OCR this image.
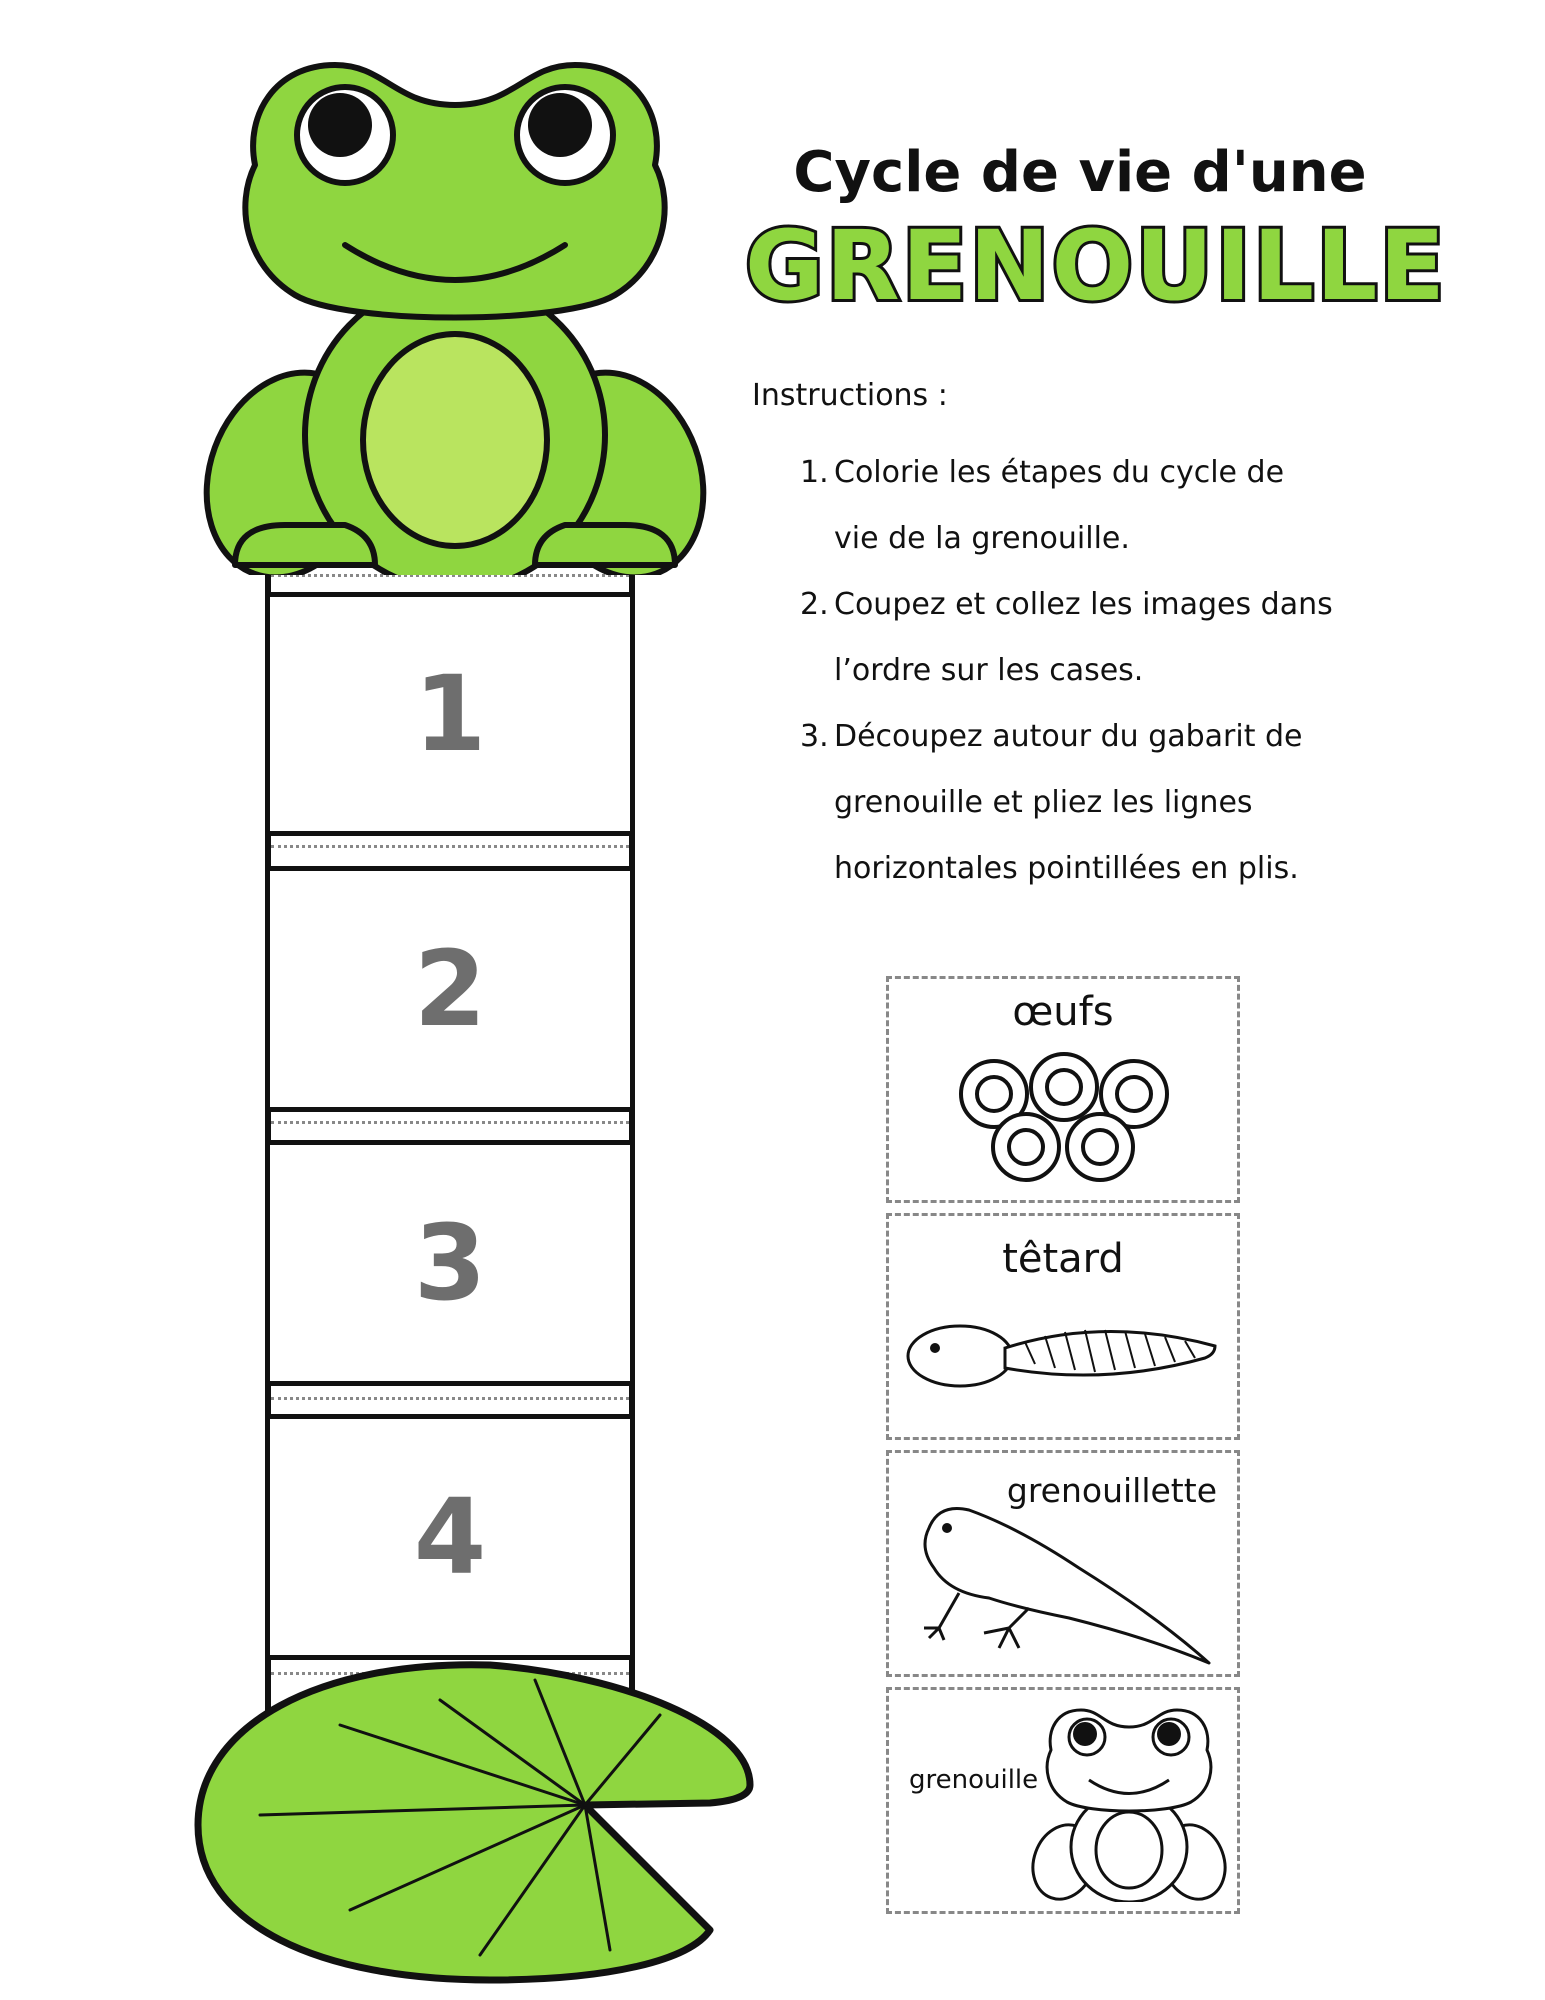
Cycle de vie d'une
GRENOUILLE
Instructions :
1. Colorie les étapes du cycle de vie de la grenouille.
2. Coupez et collez les images dans l’ordre sur les cases.
3. Découpez autour du gabarit de grenouille et pliez les lignes horizontales pointillées en plis.
1
2
3
4
œufs
têtard
grenouillette
grenouille
